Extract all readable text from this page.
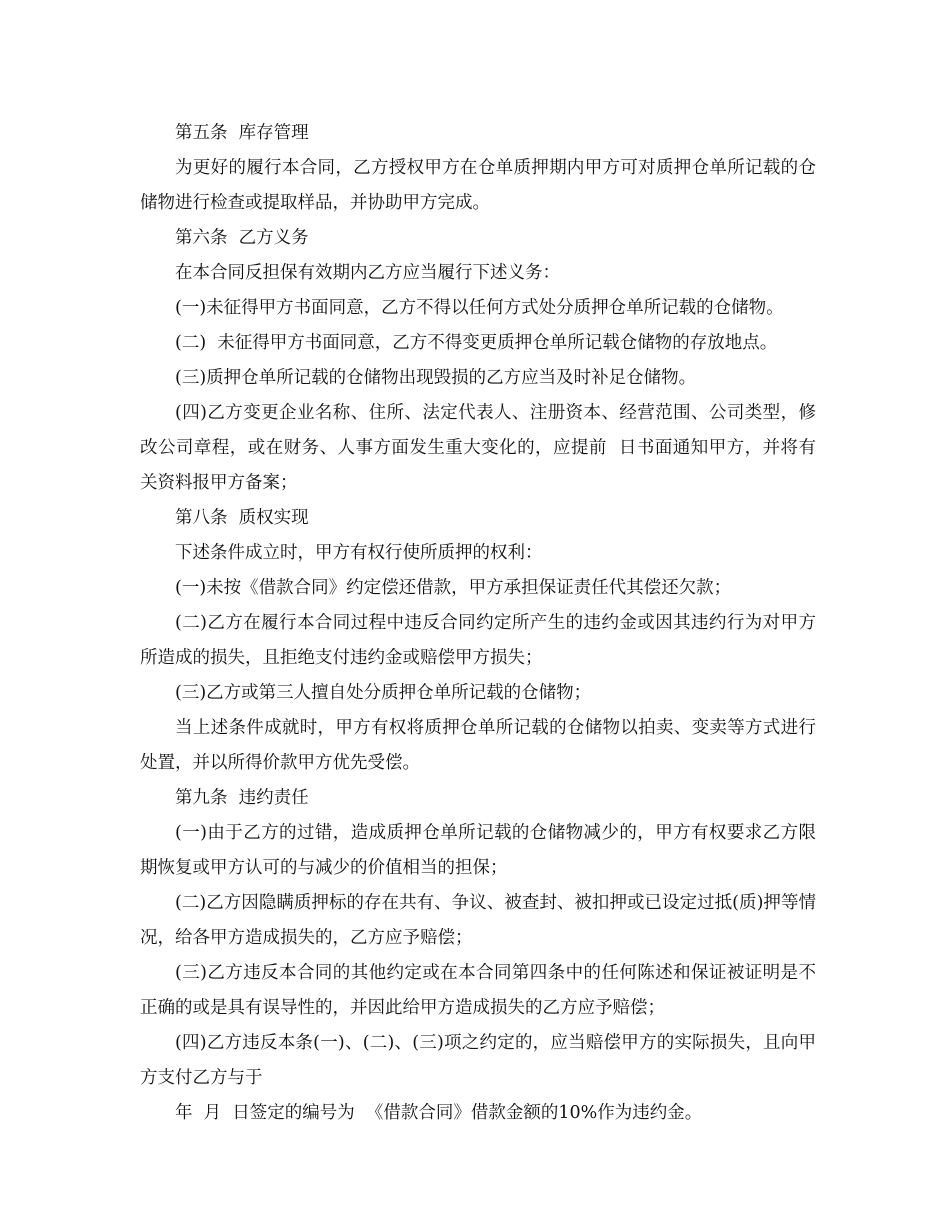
第五条  库存管理

为更好的履行本合同，乙方授权甲方在仓单质押期内甲方可对质押仓单所记载的仓储物进行检查或提取样品，并协助甲方完成。

第六条  乙方义务

在本合同反担保有效期内乙方应当履行下述义务：

(一)未征得甲方书面同意，乙方不得以任何方式处分质押仓单所记载的仓储物。

(二)  未征得甲方书面同意，乙方不得变更质押仓单所记载仓储物的存放地点。

(三)质押仓单所记载的仓储物出现毁损的乙方应当及时补足仓储物。

(四)乙方变更企业名称、住所、法定代表人、注册资本、经营范围、公司类型，修改公司章程，或在财务、人事方面发生重大变化的，应提前  日书面通知甲方，并将有关资料报甲方备案；

第八条  质权实现

下述条件成立时，甲方有权行使所质押的权利：

(一)未按《借款合同》约定偿还借款，甲方承担保证责任代其偿还欠款；

(二)乙方在履行本合同过程中违反合同约定所产生的违约金或因其违约行为对甲方所造成的损失，且拒绝支付违约金或赔偿甲方损失；

(三)乙方或第三人擅自处分质押仓单所记载的仓储物；

当上述条件成就时，甲方有权将质押仓单所记载的仓储物以拍卖、变卖等方式进行处置，并以所得价款甲方优先受偿。

第九条  违约责任

(一)由于乙方的过错，造成质押仓单所记载的仓储物减少的，甲方有权要求乙方限期恢复或甲方认可的与减少的价值相当的担保；

(二)乙方因隐瞒质押标的存在共有、争议、被查封、被扣押或已设定过抵(质)押等情况，给各甲方造成损失的，乙方应予赔偿；

(三)乙方违反本合同的其他约定或在本合同第四条中的任何陈述和保证被证明是不正确的或是具有误导性的，并因此给甲方造成损失的乙方应予赔偿；

(四)乙方违反本条(一)、(二)、(三)项之约定的，应当赔偿甲方的实际损失，且向甲方支付乙方与于

年  月  日签定的编号为  《借款合同》借款金额的10%作为违约金。
